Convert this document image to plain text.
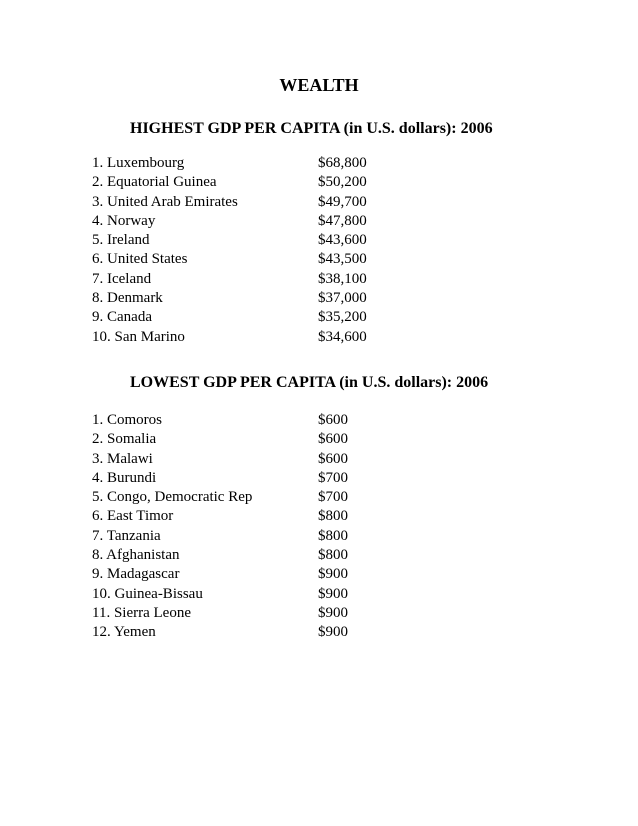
WEALTH
HIGHEST GDP PER CAPITA (in U.S. dollars): 2006
1. Luxembourg	$68,800
2. Equatorial Guinea	$50,200
3. United Arab Emirates	$49,700
4. Norway	$47,800
5. Ireland	$43,600
6. United States	$43,500
7. Iceland	$38,100
8. Denmark	$37,000
9. Canada	$35,200
10. San Marino	$34,600
LOWEST GDP PER CAPITA (in U.S. dollars): 2006
1. Comoros	$600
2. Somalia	$600
3. Malawi	$600
4. Burundi	$700
5. Congo, Democratic Rep	$700
6. East Timor	$800
7. Tanzania	$800
8. Afghanistan	$800
9. Madagascar	$900
10. Guinea-Bissau	$900
11. Sierra Leone	$900
12. Yemen	$900
